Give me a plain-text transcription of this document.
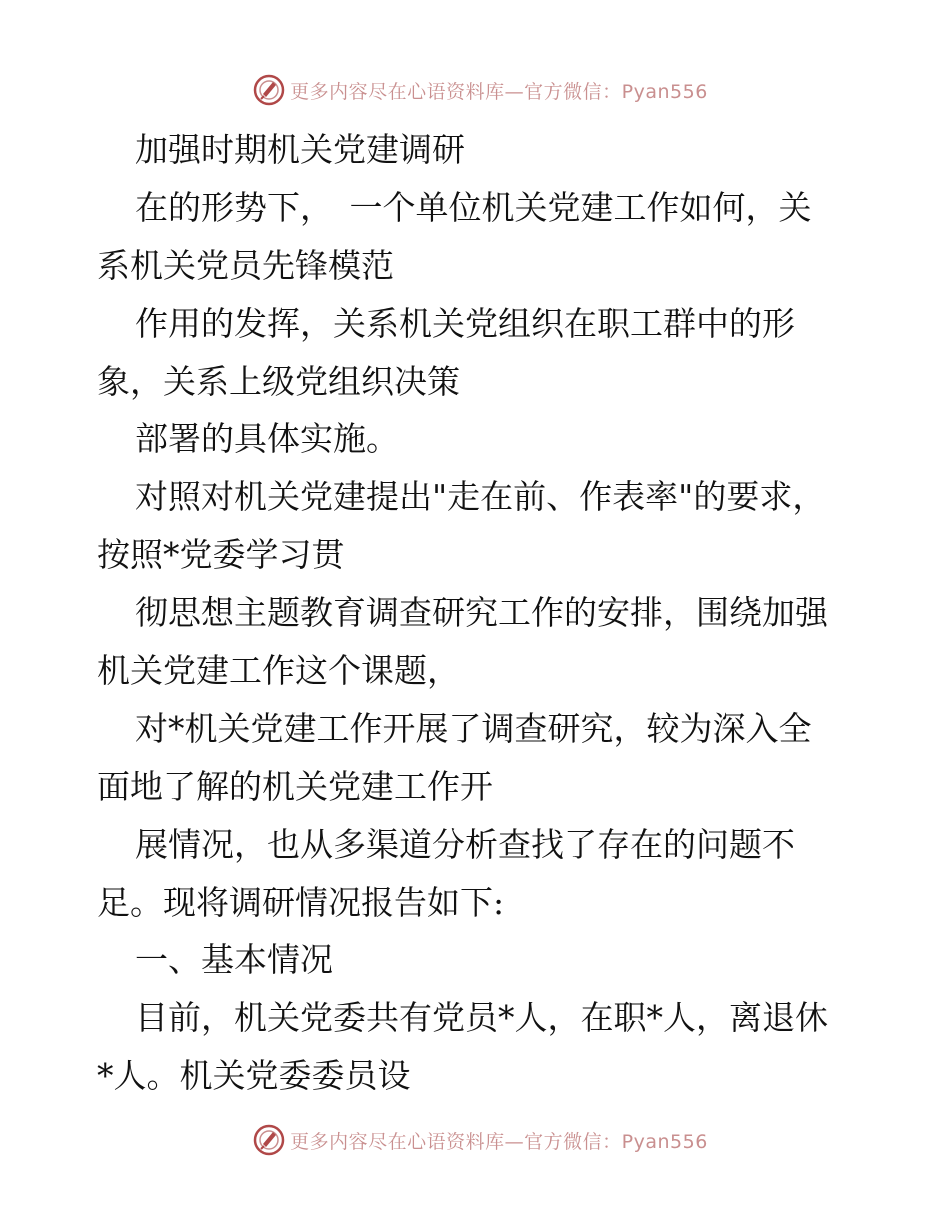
更多内容尽在心语资料库—官方微信：Pyan556
加强时期机关党建调研
在的形势下，　一个单位机关党建工作如何，关
系机关党员先锋模范
作用的发挥，关系机关党组织在职工群中的形
象，关系上级党组织决策
部署的具体实施。
对照对机关党建提出"走在前、作表率"的要求，
按照*党委学习贯
彻思想主题教育调查研究工作的安排，围绕加强
机关党建工作这个课题，
对*机关党建工作开展了调查研究，较为深入全
面地了解的机关党建工作开
展情况，也从多渠道分析查找了存在的问题不
足。现将调研情况报告如下:
一、基本情况
目前，机关党委共有党员*人，在职*人，离退休
*人。机关党委委员设
更多内容尽在心语资料库—官方微信：Pyan556
